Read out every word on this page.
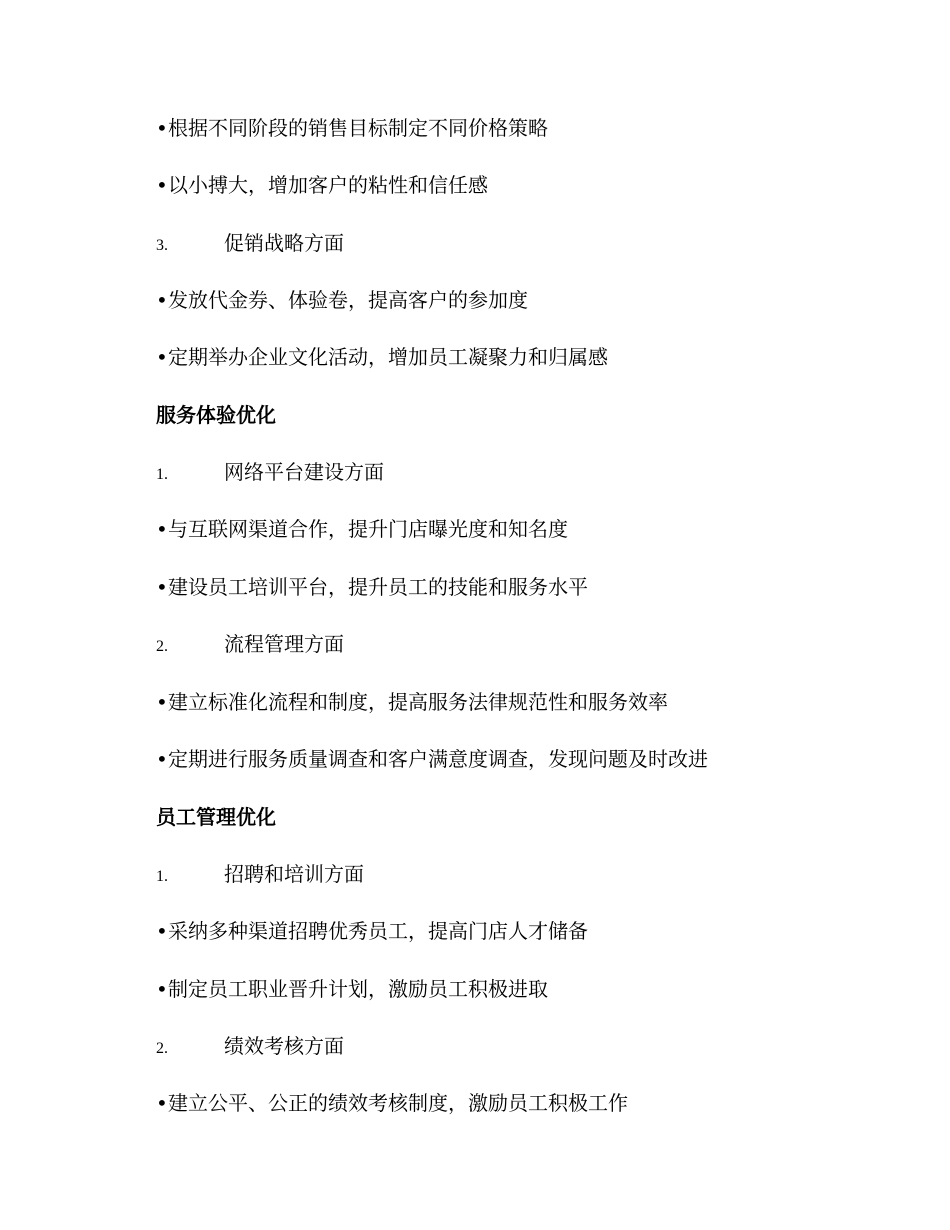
•根据不同阶段的销售目标制定不同价格策略
•以小搏大，增加客户的粘性和信任感
3.	促销战略方面
•发放代金券、体验卷，提高客户的参加度
•定期举办企业文化活动，增加员工凝聚力和归属感
服务体验优化
1.	网络平台建设方面
•与互联网渠道合作，提升门店曝光度和知名度
•建设员工培训平台，提升员工的技能和服务水平
2.	流程管理方面
•建立标准化流程和制度，提高服务法律规范性和服务效率
•定期进行服务质量调查和客户满意度调查，发现问题及时改进
员工管理优化
1.	招聘和培训方面
•采纳多种渠道招聘优秀员工，提高门店人才储备
•制定员工职业晋升计划，激励员工积极进取
2.	绩效考核方面
•建立公平、公正的绩效考核制度，激励员工积极工作
